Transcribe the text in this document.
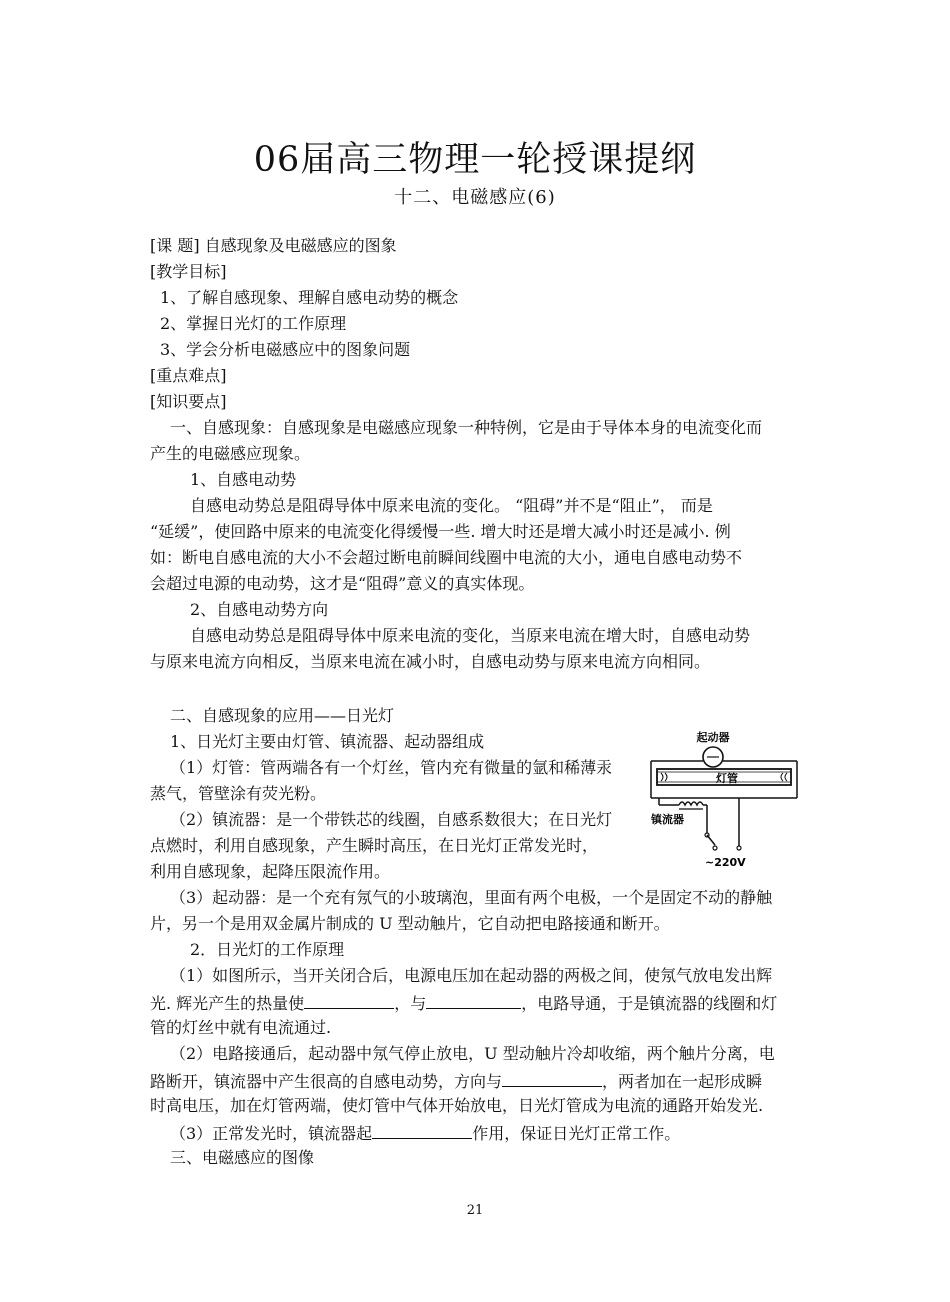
06届高三物理一轮授课提纲
十二、电磁感应(6)
[课 题] 自感现象及电磁感应的图象
[教学目标]
1、了解自感现象、理解自感电动势的概念
2、掌握日光灯的工作原理
3、学会分析电磁感应中的图象问题
[重点难点]
[知识要点]
一、自感现象：自感现象是电磁感应现象一种特例，它是由于导体本身的电流变化而
产生的电磁感应现象。
1、自感电动势
自感电动势总是阻碍导体中原来电流的变化。 “阻碍”并不是“阻止”， 而是
“延缓”，使回路中原来的电流变化得缓慢一些. 增大时还是增大减小时还是减小. 例
如：断电自感电流的大小不会超过断电前瞬间线圈中电流的大小，通电自感电动势不
会超过电源的电动势，这才是“阻碍”意义的真实体现。
2、自感电动势方向
自感电动势总是阻碍导体中原来电流的变化，当原来电流在增大时，自感电动势
与原来电流方向相反，当原来电流在减小时，自感电动势与原来电流方向相同。
二、自感现象的应用——日光灯
1、日光灯主要由灯管、镇流器、起动器组成
（1）灯管：管两端各有一个灯丝，管内充有微量的氩和稀薄汞
蒸气，管壁涂有荧光粉。
（2）镇流器：是一个带铁芯的线圈，自感系数很大；在日光灯
点燃时，利用自感现象，产生瞬时高压，在日光灯正常发光时，
利用自感现象，起降压限流作用。
（3）起动器：是一个充有氖气的小玻璃泡，里面有两个电极，一个是固定不动的静触
片，另一个是用双金属片制成的 U 型动触片，它自动把电路接通和断开。
2．日光灯的工作原理
（1）如图所示，当开关闭合后，电源电压加在起动器的两极之间，使氖气放电发出辉
光. 辉光产生的热量使	，与	，电路导通，于是镇流器的线圈和灯
管的灯丝中就有电流通过.
（2）电路接通后，起动器中氖气停止放电，U 型动触片冷却收缩，两个触片分离，电
路断开，镇流器中产生很高的自感电动势，方向与	，两者加在一起形成瞬
时高电压，加在灯管两端，使灯管中气体开始放电，日光灯管成为电流的通路开始发光.
（3）正常发光时，镇流器起	作用，保证日光灯正常工作。
三、电磁感应的图像
起动器
灯管
镇流器
~220V
21
